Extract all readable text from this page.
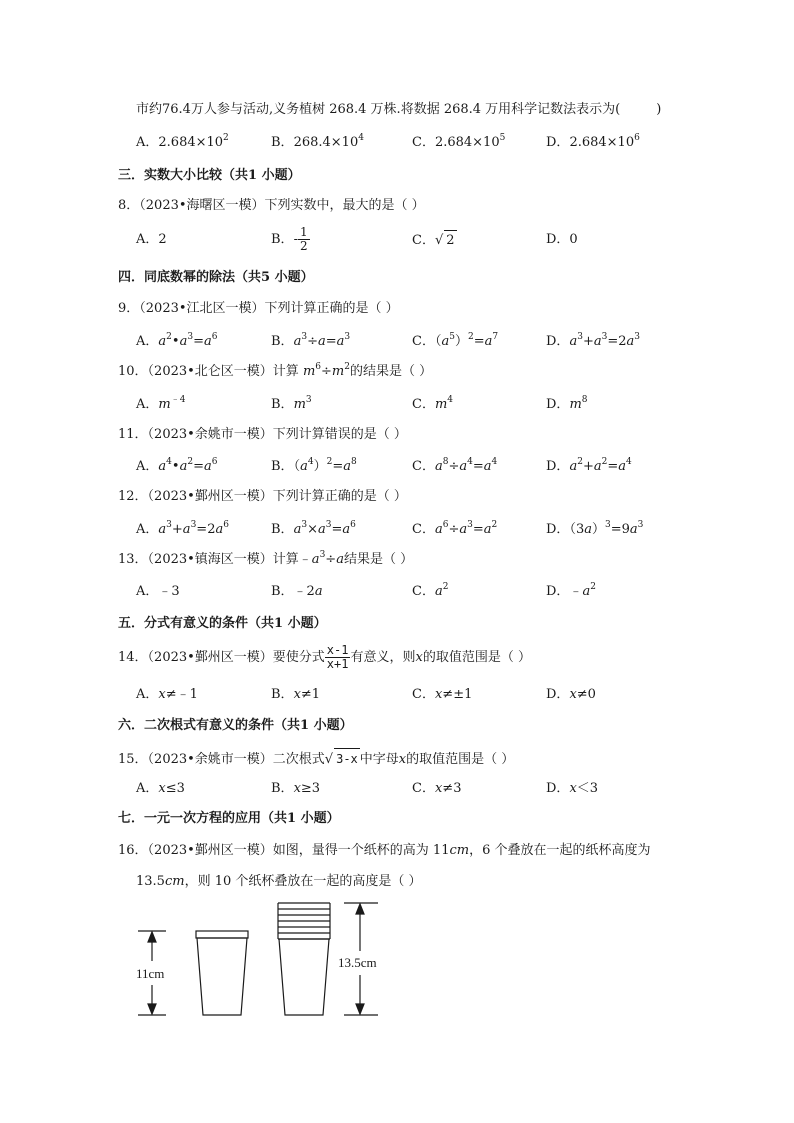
市约76.4万人参与活动,义务植树 268.4 万株.将数据 268.4 万用科学记数法表示为(	)
A．$2.684\times 10^2$	B．$268.4\times 10^4$	C．$2.684\times 10^5$	D．$2.684\times 10^6$
三．实数大小比较（共1 小题）
8．（2023•海曙区一模）下列实数中，最大的是（ ）
A．2	B．- $\frac{1}{2}$	C．√ 2	D．0
四．同底数幂的除法（共5 小题）
9．（2023•江北区一模）下列计算正确的是（ ）
A．$a^2•a^3=a^6$	B．$a^3\div a=a^3$	C．$(a^5)^2=a^7$	D．$a^3+a^3=2a^3$
10．（2023•北仑区一模）计算 $m^6\div m^2$的结果是（ ）
A．$m^{﹣4}$	B．$m^3$	C．$m^4$	D．$m^8$
11．（2023•余姚市一模）下列计算错误的是（ ）
A．$a^4•a^2=a^6$	B．$(a^4)^2=a^8$	C．$a^8\div a^4=a^4$	D．$a^2+a^2=a^4$
12．（2023•鄞州区一模）下列计算正确的是（ ）
A．$a^3+a^3=2a^6$	B．$a^3\times a^3=a^6$	C．$a^6\div a^3=a^2$	D．$(3a)^3=9a^3$
13．（2023•镇海区一模）计算$﹣a^3\div a$结果是（ ）
A．﹣3	B．﹣2a	C．$a^2$	D．$﹣a^2$
五．分式有意义的条件（共1 小题）
14．（2023•鄞州区一模）要使分式 $\frac{x-1}{x+1}$ 有意义，则x的取值范围是（ ）
A．x≠﹣1	B．x≠1	C．x≠±1	D．x≠0
六．二次根式有意义的条件（共1 小题）
15．（2023•余姚市一模）二次根式√ 3-x 中字母x的取值范围是（ ）
A．x≤3	B．x≥3	C．x≠3	D．x＜3
七．一元一次方程的应用（共1 小题）
16．（2023•鄞州区一模）如图，量得一个纸杯的高为 11cm，6 个叠放在一起的纸杯高度为
13.5cm，则 10 个纸杯叠放在一起的高度是（ ）
11cm
13.5cm
